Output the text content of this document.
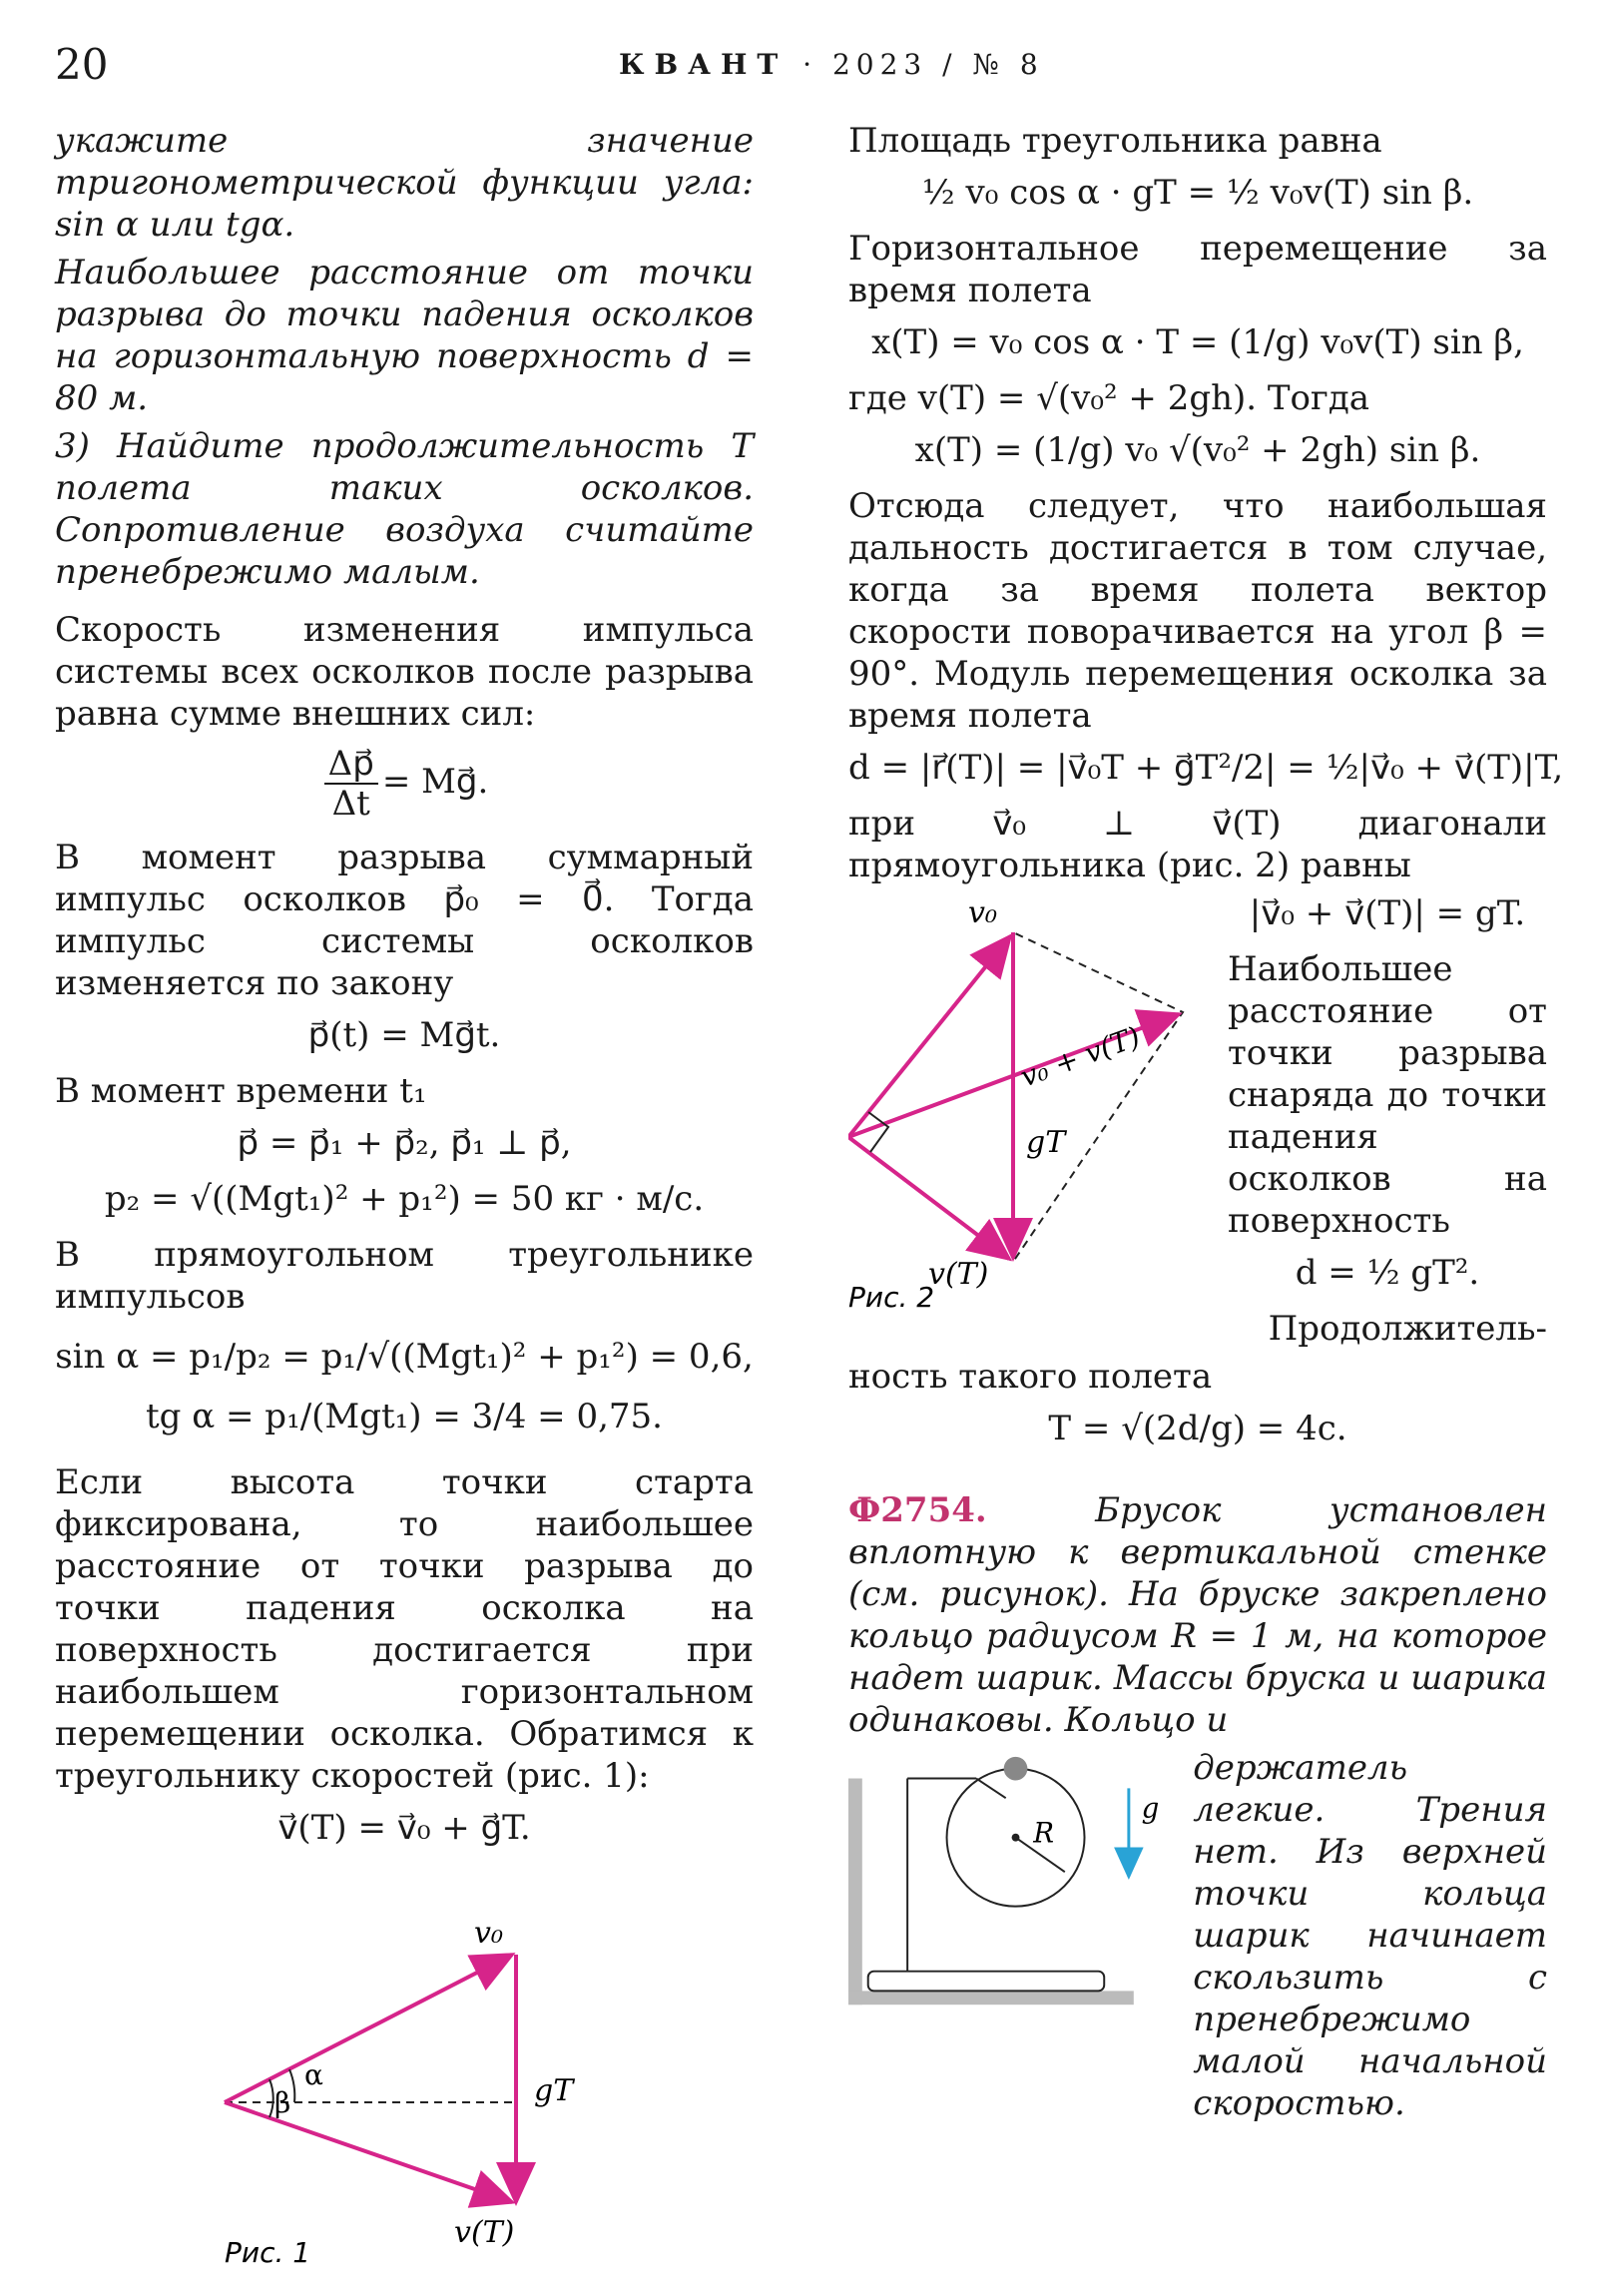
20	КВАНТ · 2023 / № 8

укажите значение тригонометрической функции угла: sin α или tgα.

Наибольшее расстояние от точки разрыва до точки падения осколков на горизонтальную поверхность d = 80 м.

3) Найдите продолжительность T полета таких осколков. Сопротивление воздуха считайте пренебрежимо малым.

Скорость изменения импульса системы всех осколков после разрыва равна сумме внешних сил:

$\frac{\Delta p⃗}{\Delta t}$ = Mg⃗.

В момент разрыва суммарный импульс осколков p⃗₀ = 0⃗. Тогда импульс системы осколков изменяется по закону

p⃗(t) = Mg⃗t.

В момент времени t₁

p⃗ = p⃗₁ + p⃗₂, p⃗₁ ⊥ p⃗,
p₂ = √((Mgt₁)² + p₁²) = 50 кг · м/с.

В прямоугольном треугольнике импульсов

sin α = p₁/p₂ = p₁/√((Mgt₁)² + p₁²) = 0,6,
tg α = p₁/(Mgt₁) = 3/4 = 0,75.

Если высота точки старта фиксирована, то наибольшее расстояние от точки разрыва до точки падения осколка на поверхность достигается при наибольшем горизонтальном перемещении осколка. Обратимся к треугольнику скоростей (рис. 1):

v⃗(T) = v⃗₀ + g⃗T.
v₀
gT
v(T)
α
β
Рис. 1

Площадь треугольника равна

½ v₀ cos α · gT = ½ v₀v(T) sin β.

Горизонтальное перемещение за время полета

x(T) = v₀ cos α · T = (1/g) v₀v(T) sin β,

где v(T) = √(v₀² + 2gh). Тогда

x(T) = (1/g) v₀ √(v₀² + 2gh) sin β.

Отсюда следует, что наибольшая дальность достигается в том случае, когда за время полета вектор скорости поворачивается на угол β = 90°. Модуль перемещения осколка за время полета

d = |r⃗(T)| = |v⃗₀T + g⃗T²/2| = ½|v⃗₀ + v⃗(T)|T,

при v⃗₀ ⊥ v⃗(T) диагонали прямоугольника (рис. 2) равны

v₀
gT
v(T)
v₀ + v(T)
Рис. 2
|v⃗₀ + v⃗(T)| = gT.

Наибольшее расстояние от точки разрыва снаряда до точки падения осколков на поверхность

d = ½ gT².

Продолжитель-

ность такого полета

T = √(2d/g) = 4с.

Ф2754.	Брусок установлен вплотную к вертикальной стенке (см. рисунок). На бруске закреплено кольцо радиусом R = 1 м, на которое надет шарик. Массы бруска и шарика одинаковы. Кольцо и

R
g

держатель легкие. Трения нет. Из верхней точки кольца шарик начинает скользить с пренебрежимо малой начальной скоростью.
